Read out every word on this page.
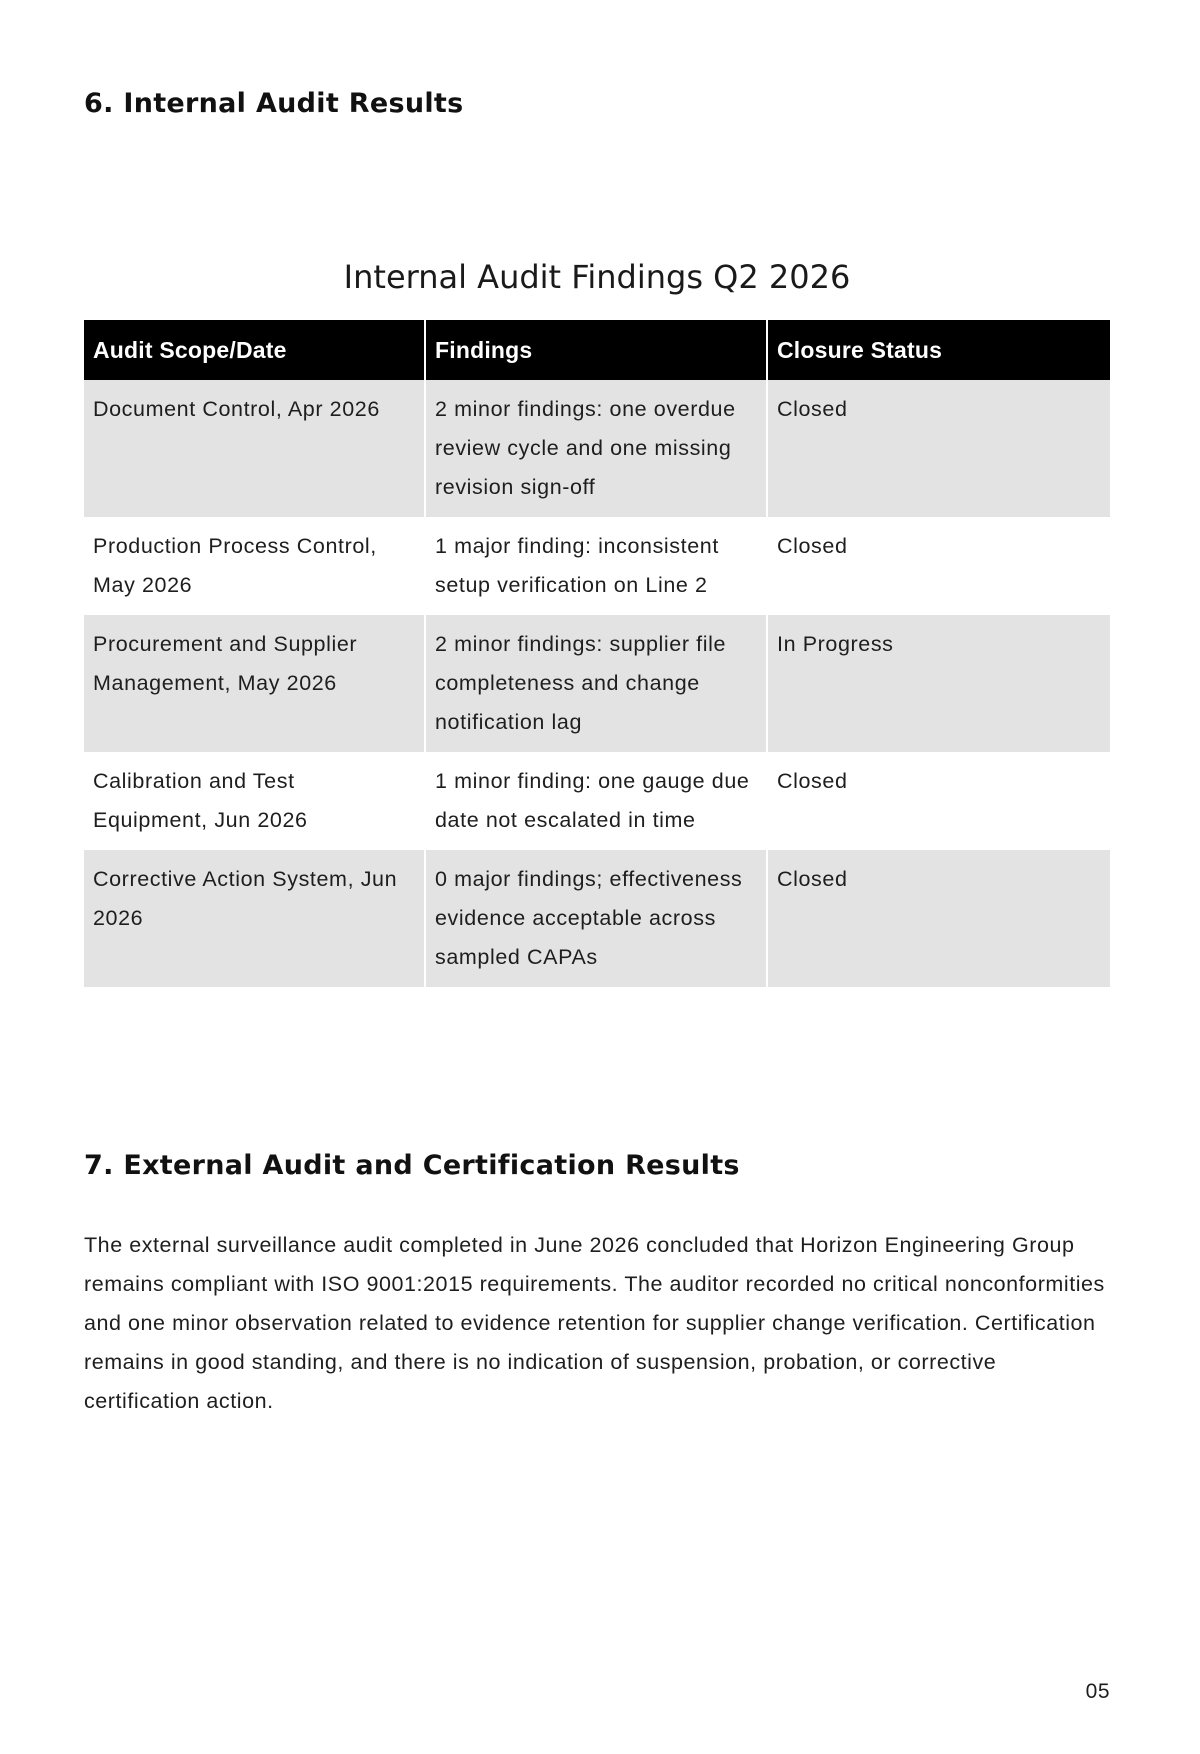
6. Internal Audit Results
Internal Audit Findings Q2 2026
Audit Scope/Date	Findings	Closure Status
Document Control, Apr 2026	2 minor findings: one overdue review cycle and one missing revision sign-off	Closed
Production Process Control, May 2026	1 major finding: inconsistent setup verification on Line 2	Closed
Procurement and Supplier Management, May 2026	2 minor findings: supplier file completeness and change notification lag	In Progress
Calibration and Test Equipment, Jun 2026	1 minor finding: one gauge due date not escalated in time	Closed
Corrective Action System, Jun 2026	0 major findings; effectiveness evidence acceptable across sampled CAPAs	Closed
7. External Audit and Certification Results

The external surveillance audit completed in June 2026 concluded that Horizon Engineering Group remains compliant with ISO 9001:2015 requirements. The auditor recorded no critical nonconformities and one minor observation related to evidence retention for supplier change verification. Certification remains in good standing, and there is no indication of suspension, probation, or corrective certification action.

05
